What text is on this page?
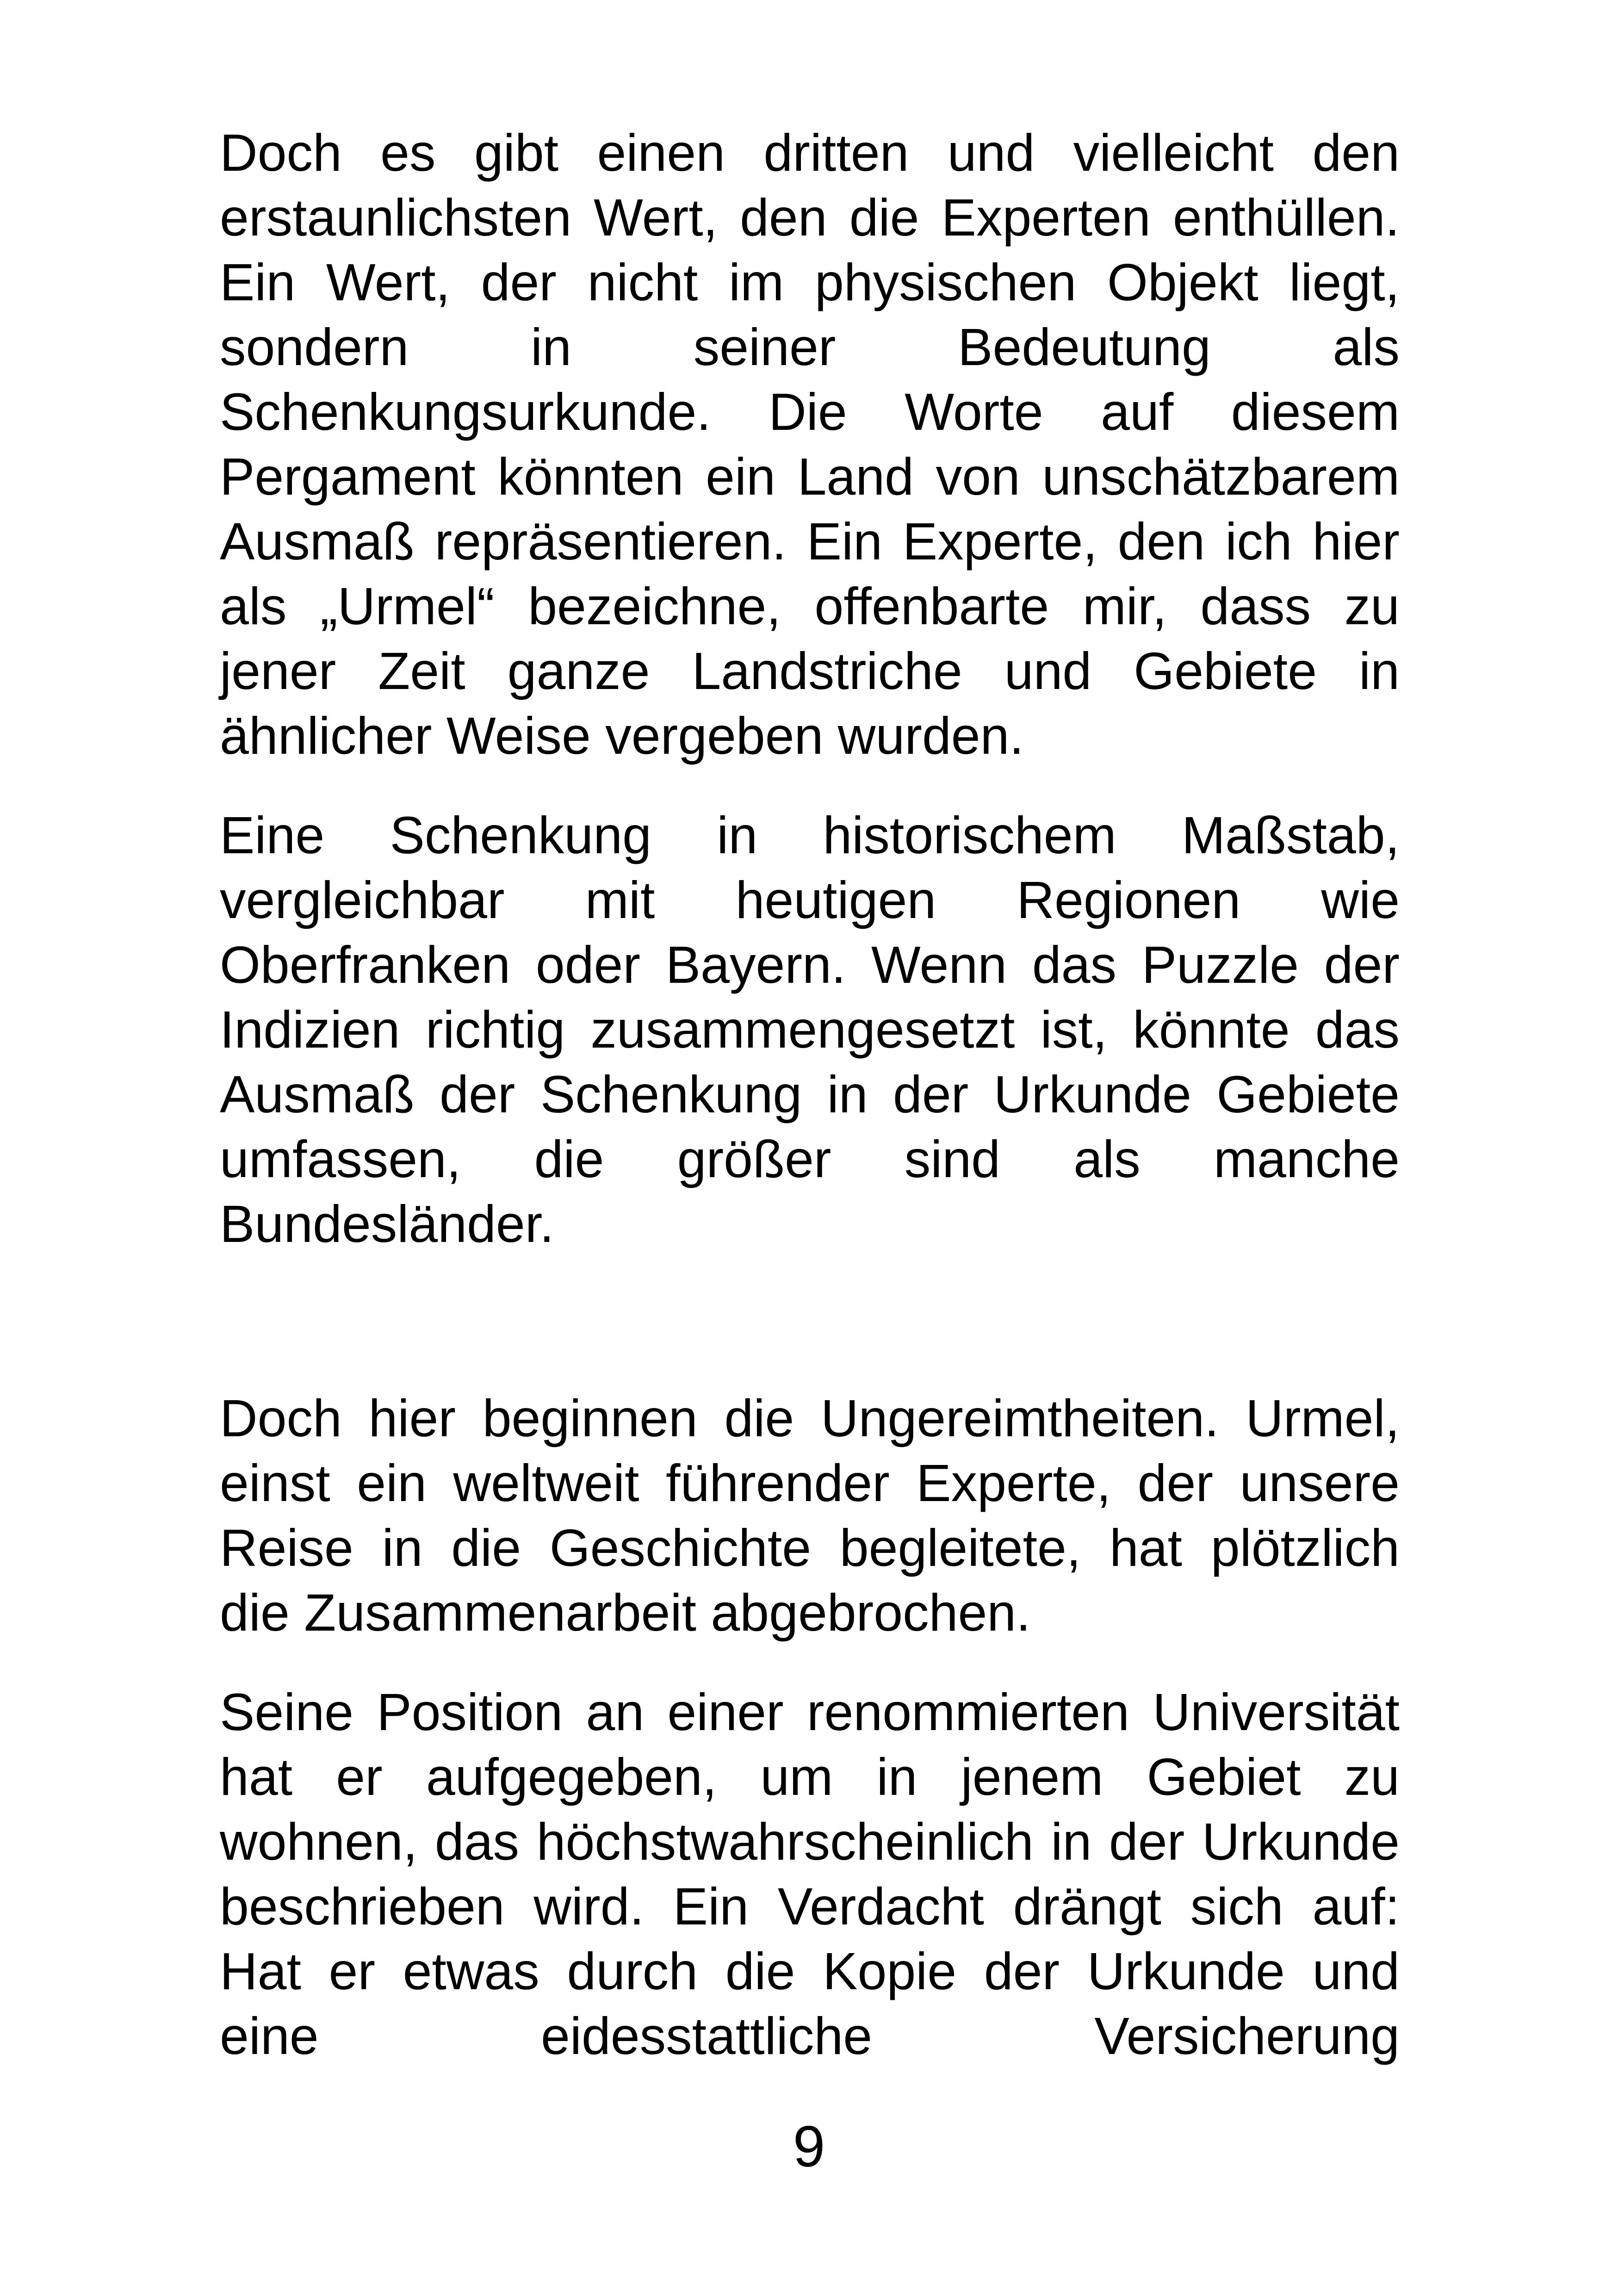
Doch es gibt einen dritten und vielleicht den erstaunlichsten Wert, den die Experten enthüllen. Ein Wert, der nicht im physischen Objekt liegt, sondern in seiner Bedeutung als Schenkungsurkunde. Die Worte auf diesem Pergament könnten ein Land von unschätzbarem Ausmaß repräsentieren. Ein Experte, den ich hier als „Urmel“ bezeichne, offenbarte mir, dass zu jener Zeit ganze Landstriche und Gebiete in ähnlicher Weise vergeben wurden.

Eine Schenkung in historischem Maßstab, vergleichbar mit heutigen Regionen wie Oberfranken oder Bayern. Wenn das Puzzle der Indizien richtig zusammengesetzt ist, könnte das Ausmaß der Schenkung in der Urkunde Gebiete umfassen, die größer sind als manche Bundesländer.

Doch hier beginnen die Ungereimtheiten. Urmel, einst ein weltweit führender Experte, der unsere Reise in die Geschichte begleitete, hat plötzlich die Zusammenarbeit abgebrochen.

Seine Position an einer renommierten Universität hat er aufgegeben, um in jenem Gebiet zu wohnen, das höchstwahrscheinlich in der Urkunde beschrieben wird. Ein Verdacht drängt sich auf: Hat er etwas durch die Kopie der Urkunde und eine eidesstattliche Versicherung

9
